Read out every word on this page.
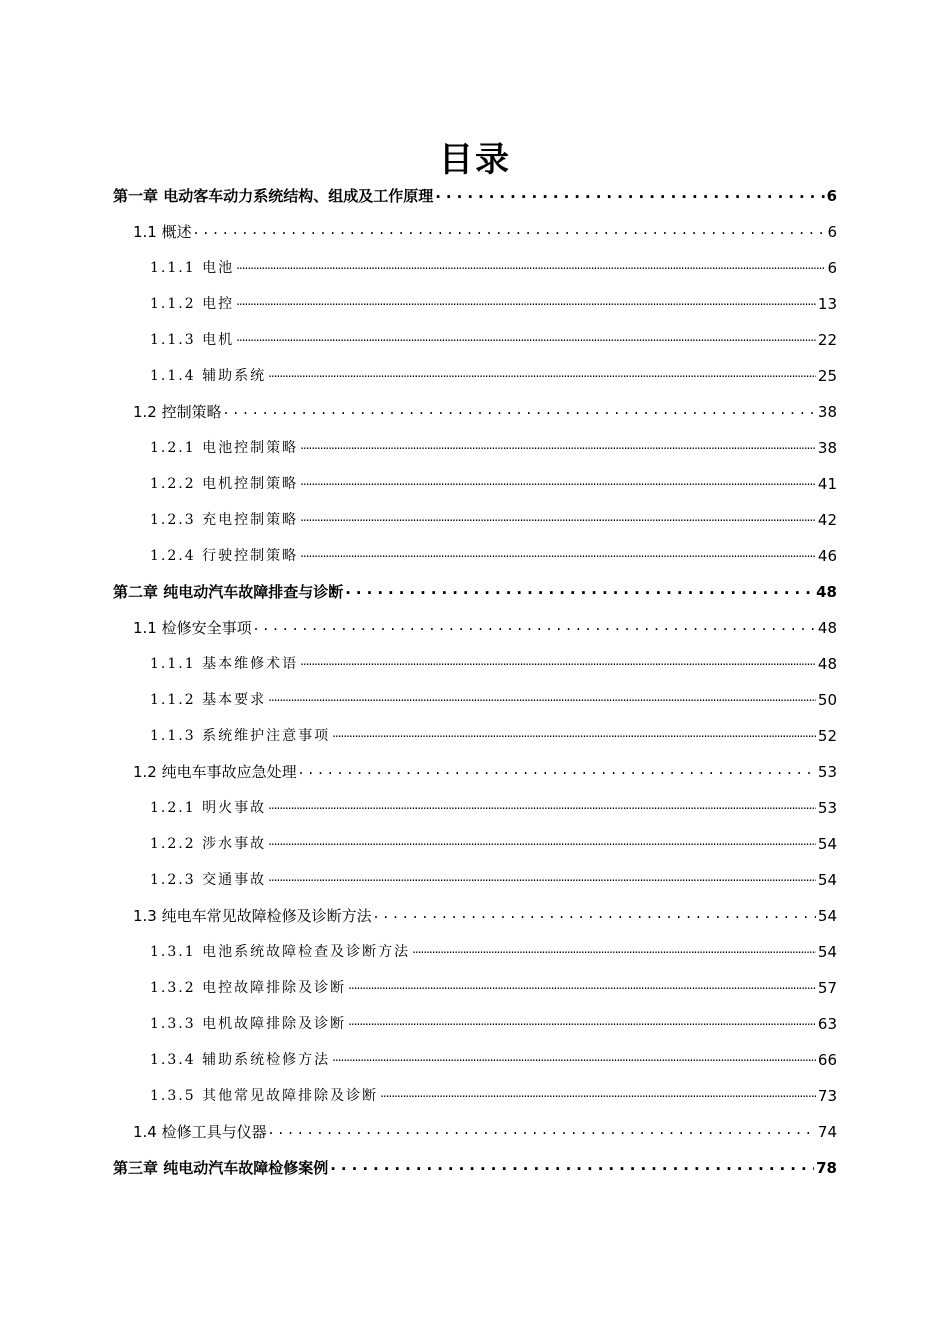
目录
第一章 电动客车动力系统结构、组成及工作原理 .....	6
1.1 概述 .....	6
1.1.1 电池 .....	6
1.1.2 电控 .....	13
1.1.3 电机 .....	22
1.1.4 辅助系统 .....	25
1.2 控制策略 .....	38
1.2.1 电池控制策略 .....	38
1.2.2 电机控制策略 .....	41
1.2.3 充电控制策略 .....	42
1.2.4 行驶控制策略 .....	46
第二章 纯电动汽车故障排查与诊断 .....	48
1.1 检修安全事项 .....	48
1.1.1 基本维修术语 .....	48
1.1.2 基本要求 .....	50
1.1.3 系统维护注意事项 .....	52
1.2 纯电车事故应急处理 .....	53
1.2.1 明火事故 .....	53
1.2.2 涉水事故 .....	54
1.2.3 交通事故 .....	54
1.3 纯电车常见故障检修及诊断方法 .....	54
1.3.1 电池系统故障检查及诊断方法 .....	54
1.3.2 电控故障排除及诊断 .....	57
1.3.3 电机故障排除及诊断 .....	63
1.3.4 辅助系统检修方法 .....	66
1.3.5 其他常见故障排除及诊断 .....	73
1.4 检修工具与仪器 .....	74
第三章 纯电动汽车故障检修案例 .....	78
